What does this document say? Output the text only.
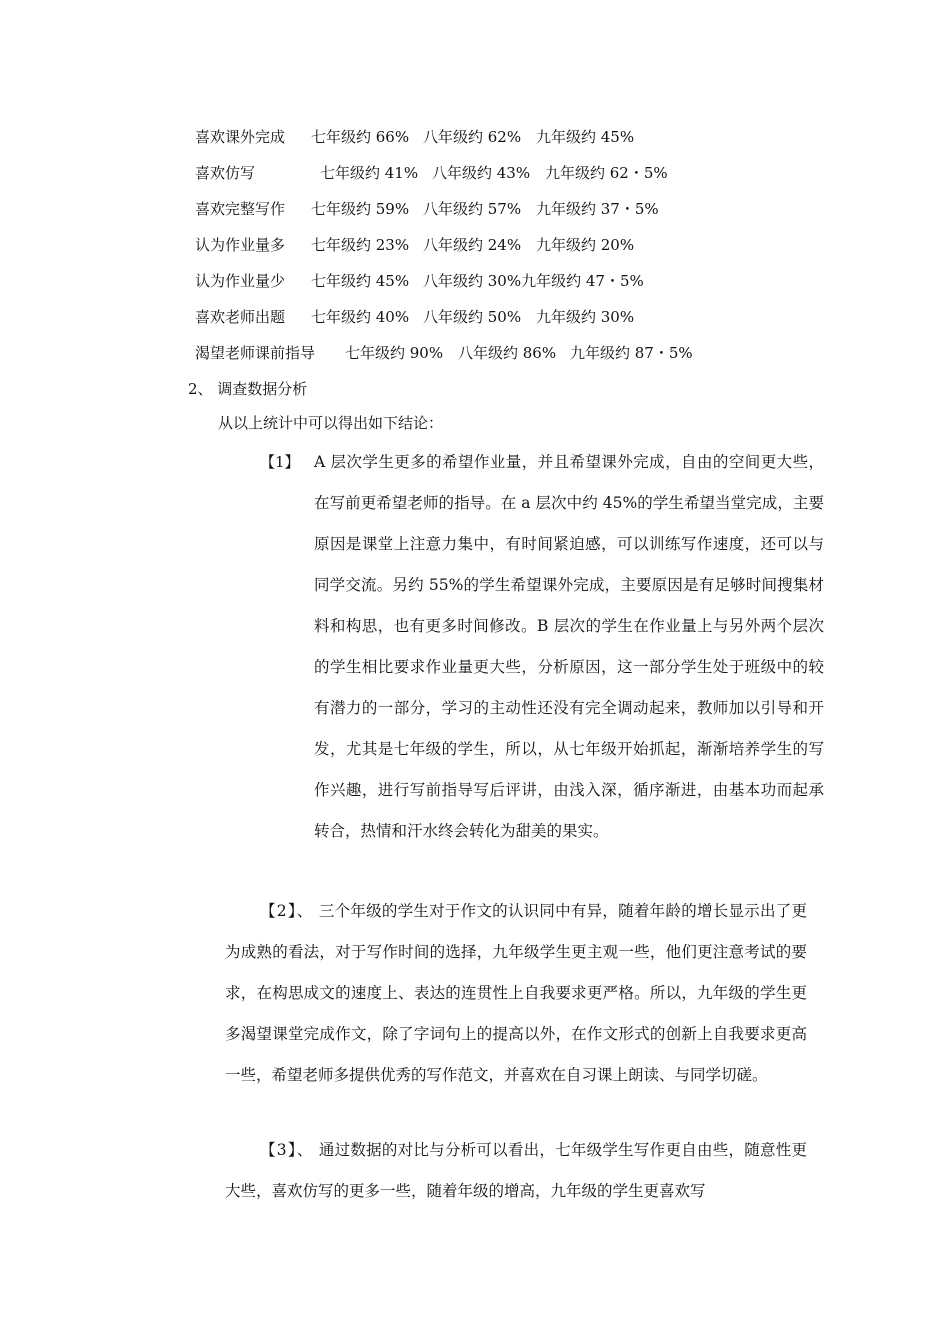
喜欢课外完成 七年级约 66% 八年级约 62% 九年级约 45%
喜欢仿写	七年级约 41% 八年级约 43% 九年级约 62・5%
喜欢完整写作 七年级约 59% 八年级约 57% 九年级约 37・5%
认为作业量多 七年级约 23% 八年级约 24% 九年级约 20%
认为作业量少 七年级约 45% 八年级约 30%九年级约 47・5%
喜欢老师出题 七年级约 40% 八年级约 50% 九年级约 30%
渴望老师课前指导 七年级约 90% 八年级约 86% 九年级约 87・5%
2、 调查数据分析
从以上统计中可以得出如下结论：
【1】 A 层次学生更多的希望作业量，并且希望课外完成，自由的空间更大些，在写前更希望老师的指导。在 a 层次中约 45%的学生希望当堂完成，主要原因是课堂上注意力集中，有时间紧迫感，可以训练写作速度，还可以与同学交流。另约 55%的学生希望课外完成，主要原因是有足够时间搜集材料和构思，也有更多时间修改。B 层次的学生在作业量上与另外两个层次的学生相比要求作业量更大些，分析原因，这一部分学生处于班级中的较有潜力的一部分，学习的主动性还没有完全调动起来，教师加以引导和开发，尤其是七年级的学生，所以，从七年级开始抓起，渐渐培养学生的写作兴趣，进行写前指导写后评讲，由浅入深，循序渐进，由基本功而起承转合，热情和汗水终会转化为甜美的果实。
【2】、 三个年级的学生对于作文的认识同中有异，随着年龄的增长显示出了更为成熟的看法，对于写作时间的选择，九年级学生更主观一些，他们更注意考试的要求，在构思成文的速度上、表达的连贯性上自我要求更严格。所以，九年级的学生更多渴望课堂完成作文，除了字词句上的提高以外，在作文形式的创新上自我要求更高一些，希望老师多提供优秀的写作范文，并喜欢在自习课上朗读、与同学切磋。
【3】、 通过数据的对比与分析可以看出，七年级学生写作更自由些，随意性更大些，喜欢仿写的更多一些，随着年级的增高，九年级的学生更喜欢写
